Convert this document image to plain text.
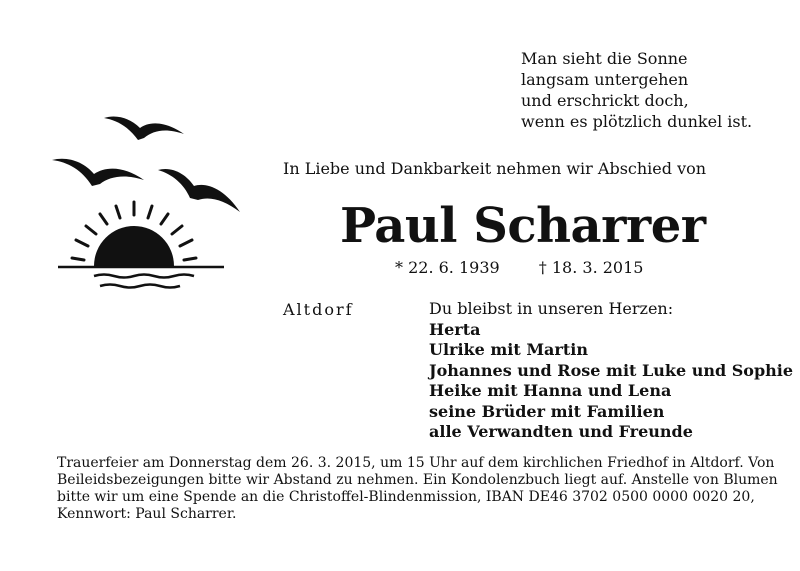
Man sieht die Sonne
langsam untergehen
und erschrickt doch,
wenn es plötzlich dunkel ist.
In Liebe und Dankbarkeit nehmen wir Abschied von
Paul Scharrer
* 22. 6. 1939 † 18. 3. 2015
Altdorf	Du bleibst in unseren Herzen:
Herta
Ulrike mit Martin
Johannes und Rose mit Luke und Sophie
Heike mit Hanna und Lena
seine Brüder mit Familien
alle Verwandten und Freunde
Trauerfeier am Donnerstag dem 26. 3. 2015, um 15 Uhr auf dem kirchlichen Friedhof in Altdorf. Von
Beileidsbezeigungen bitte wir Abstand zu nehmen. Ein Kondolenzbuch liegt auf. Anstelle von Blumen
bitte wir um eine Spende an die Christoffel-Blindenmission, IBAN DE46 3702 0500 0000 0020 20,
Kennwort: Paul Scharrer.
